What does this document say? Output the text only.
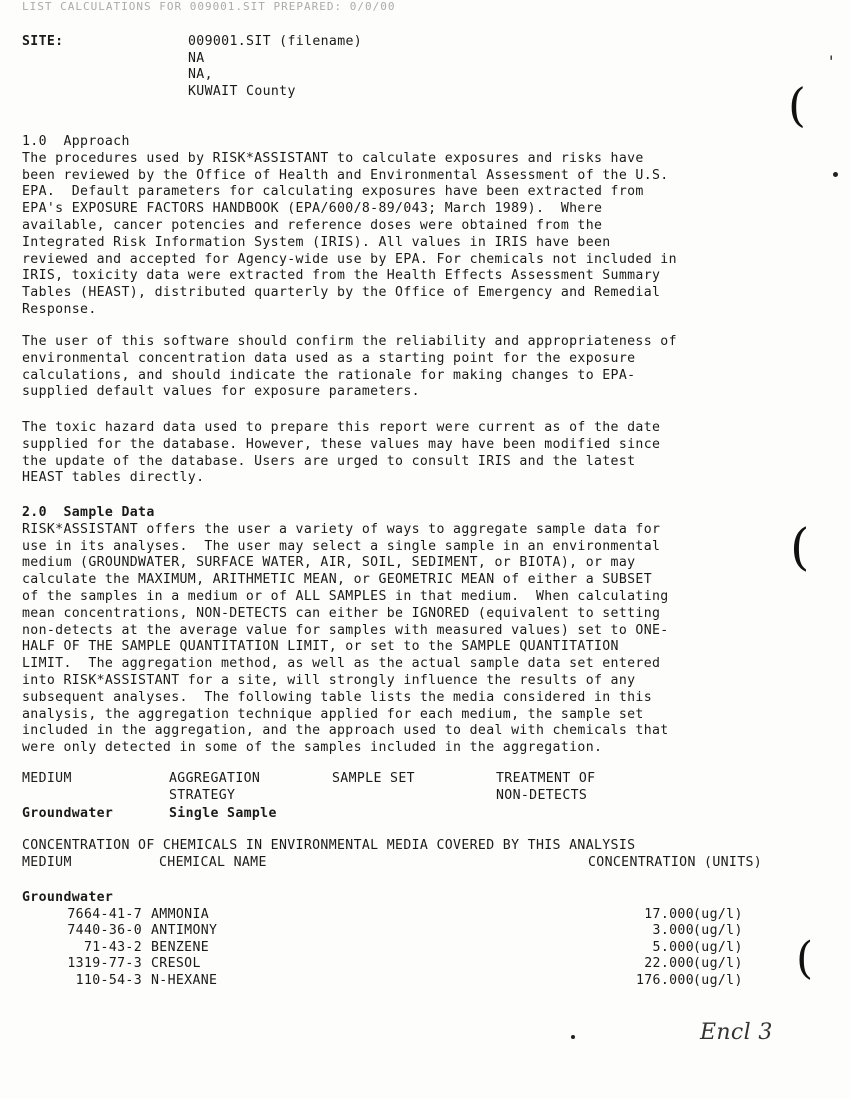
LIST CALCULATIONS FOR 009001.SIT PREPARED: 0/0/00
SITE:	009001.SIT (filename)
NA
NA,
KUWAIT County
1.0  Approach
The procedures used by RISK*ASSISTANT to calculate exposures and risks have
been reviewed by the Office of Health and Environmental Assessment of the U.S.
EPA.  Default parameters for calculating exposures have been extracted from
EPA's EXPOSURE FACTORS HANDBOOK (EPA/600/8-89/043; March 1989).  Where
available, cancer potencies and reference doses were obtained from the
Integrated Risk Information System (IRIS). All values in IRIS have been
reviewed and accepted for Agency-wide use by EPA. For chemicals not included in
IRIS, toxicity data were extracted from the Health Effects Assessment Summary
Tables (HEAST), distributed quarterly by the Office of Emergency and Remedial
Response.
The user of this software should confirm the reliability and appropriateness of
environmental concentration data used as a starting point for the exposure
calculations, and should indicate the rationale for making changes to EPA-
supplied default values for exposure parameters.
The toxic hazard data used to prepare this report were current as of the date
supplied for the database. However, these values may have been modified since
the update of the database. Users are urged to consult IRIS and the latest
HEAST tables directly.
2.0  Sample Data
RISK*ASSISTANT offers the user a variety of ways to aggregate sample data for
use in its analyses.  The user may select a single sample in an environmental
medium (GROUNDWATER, SURFACE WATER, AIR, SOIL, SEDIMENT, or BIOTA), or may
calculate the MAXIMUM, ARITHMETIC MEAN, or GEOMETRIC MEAN of either a SUBSET
of the samples in a medium or of ALL SAMPLES in that medium.  When calculating
mean concentrations, NON-DETECTS can either be IGNORED (equivalent to setting
non-detects at the average value for samples with measured values) set to ONE-
HALF OF THE SAMPLE QUANTITATION LIMIT, or set to the SAMPLE QUANTITATION
LIMIT.  The aggregation method, as well as the actual sample data set entered
into RISK*ASSISTANT for a site, will strongly influence the results of any
subsequent analyses.  The following table lists the media considered in this
analysis, the aggregation technique applied for each medium, the sample set
included in the aggregation, and the approach used to deal with chemicals that
were only detected in some of the samples included in the aggregation.
MEDIUM	AGGREGATION
STRATEGY
SAMPLE SET	TREATMENT OF
NON-DETECTS
Groundwater	Single Sample
CONCENTRATION OF CHEMICALS IN ENVIRONMENTAL MEDIA COVERED BY THIS ANALYSIS
MEDIUM	CHEMICAL NAME	CONCENTRATION (UNITS)
Groundwater
7664-41-7 AMMONIA	17.000 (ug/l)
7440-36-0 ANTIMONY	3.000 (ug/l)
71-43-2 BENZENE	5.000 (ug/l)
1319-77-3 CRESOL	22.000 (ug/l)
110-54-3 N-HEXANE	176.000 (ug/l)
(
(
(
'
Encl 3
